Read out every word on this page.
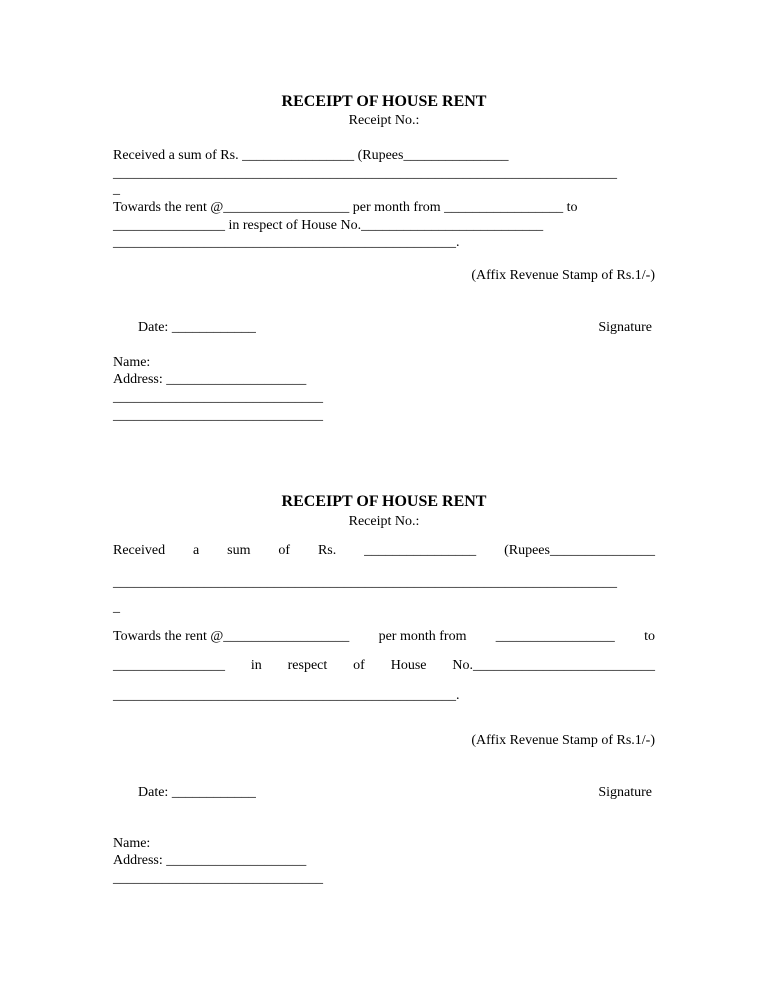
RECEIPT OF HOUSE RENT
Receipt No.:
Received a sum of Rs. ________________ (Rupees_______________
________________________________________________________________________
_
Towards the rent @__________________ per month from _________________ to
________________ in respect of House No.__________________________
_________________________________________________.
(Affix Revenue Stamp of Rs.1/-)
Date: ____________	Signature
Name:
Address: ____________________
______________________________
______________________________
RECEIPT OF HOUSE RENT
Receipt No.:
Received a sum of Rs. ________________ (Rupees_______________
________________________________________________________________________
_
Towards the rent @__________________ per month from _________________ to
________________ in respect of House No.__________________________
_________________________________________________.
(Affix Revenue Stamp of Rs.1/-)
Date: ____________	Signature
Name:
Address: ____________________
______________________________
